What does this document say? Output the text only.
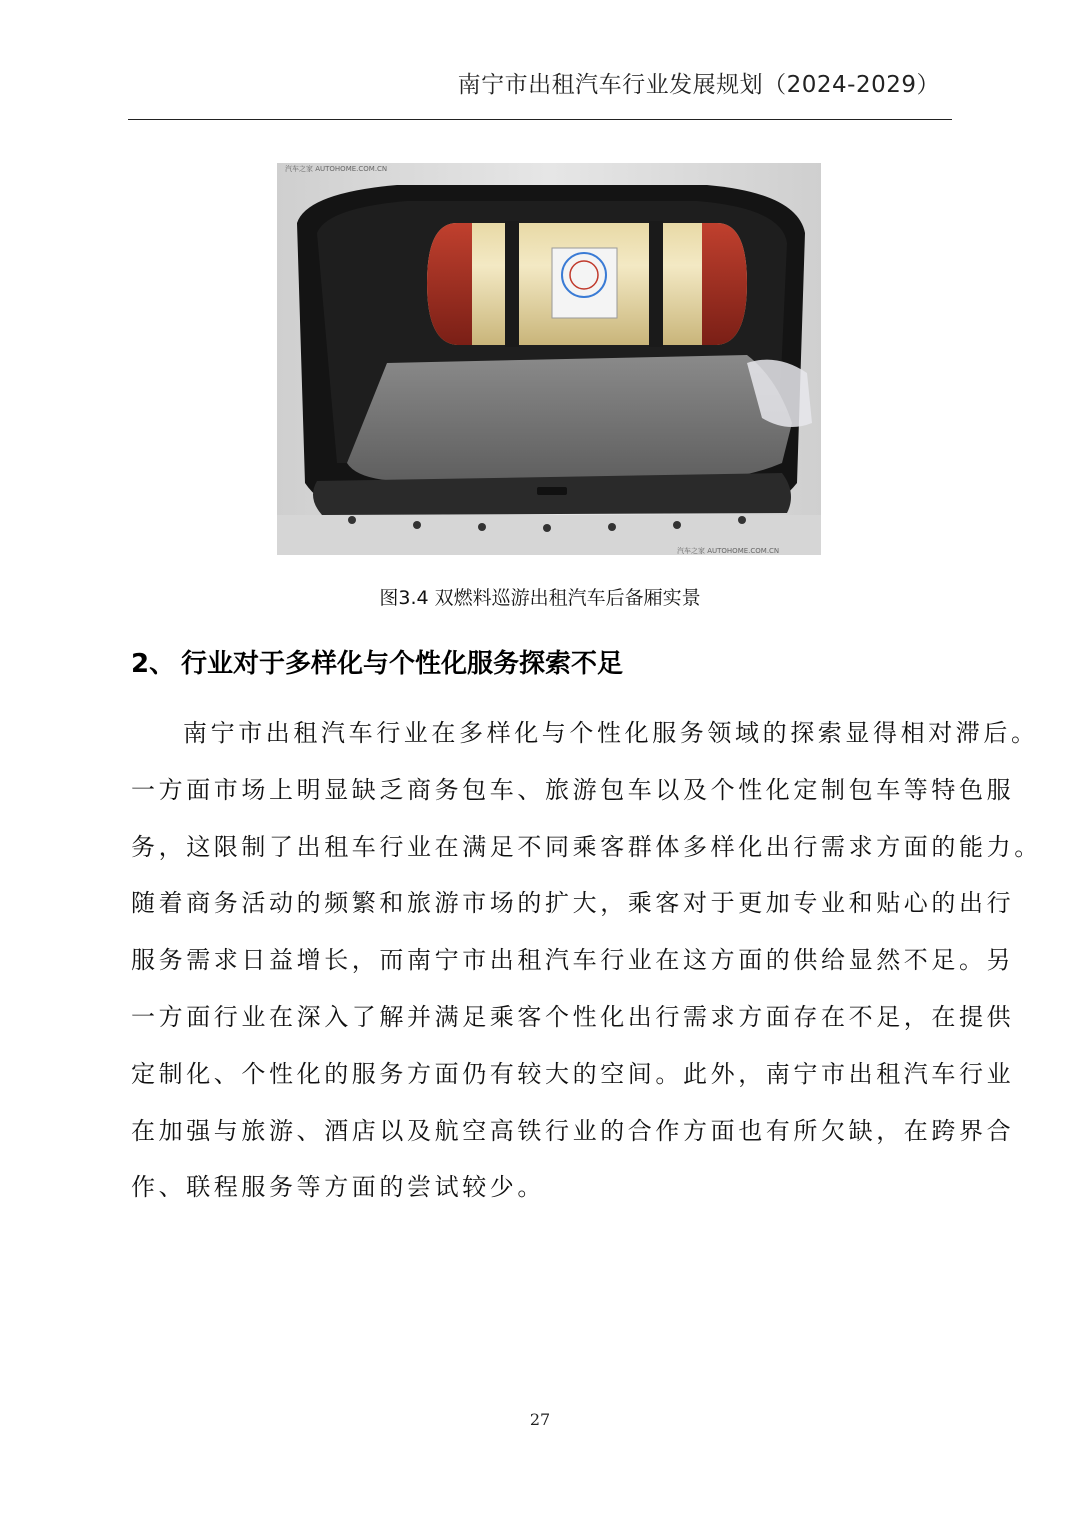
南宁市出租汽车行业发展规划（2024-2029）
汽车之家 AUTOHOME.COM.CN
汽车之家 AUTOHOME.COM.CN
图3.4 双燃料巡游出租汽车后备厢实景
2、 行业对于多样化与个性化服务探索不足
南宁市出租汽车行业在多样化与个性化服务领域的探索显得相对滞后。
一方面市场上明显缺乏商务包车、旅游包车以及个性化定制包车等特色服
务，这限制了出租车行业在满足不同乘客群体多样化出行需求方面的能力。
随着商务活动的频繁和旅游市场的扩大，乘客对于更加专业和贴心的出行
服务需求日益增长，而南宁市出租汽车行业在这方面的供给显然不足。另
一方面行业在深入了解并满足乘客个性化出行需求方面存在不足，在提供
定制化、个性化的服务方面仍有较大的空间。此外，南宁市出租汽车行业
在加强与旅游、酒店以及航空高铁行业的合作方面也有所欠缺，在跨界合
作、联程服务等方面的尝试较少。
27
